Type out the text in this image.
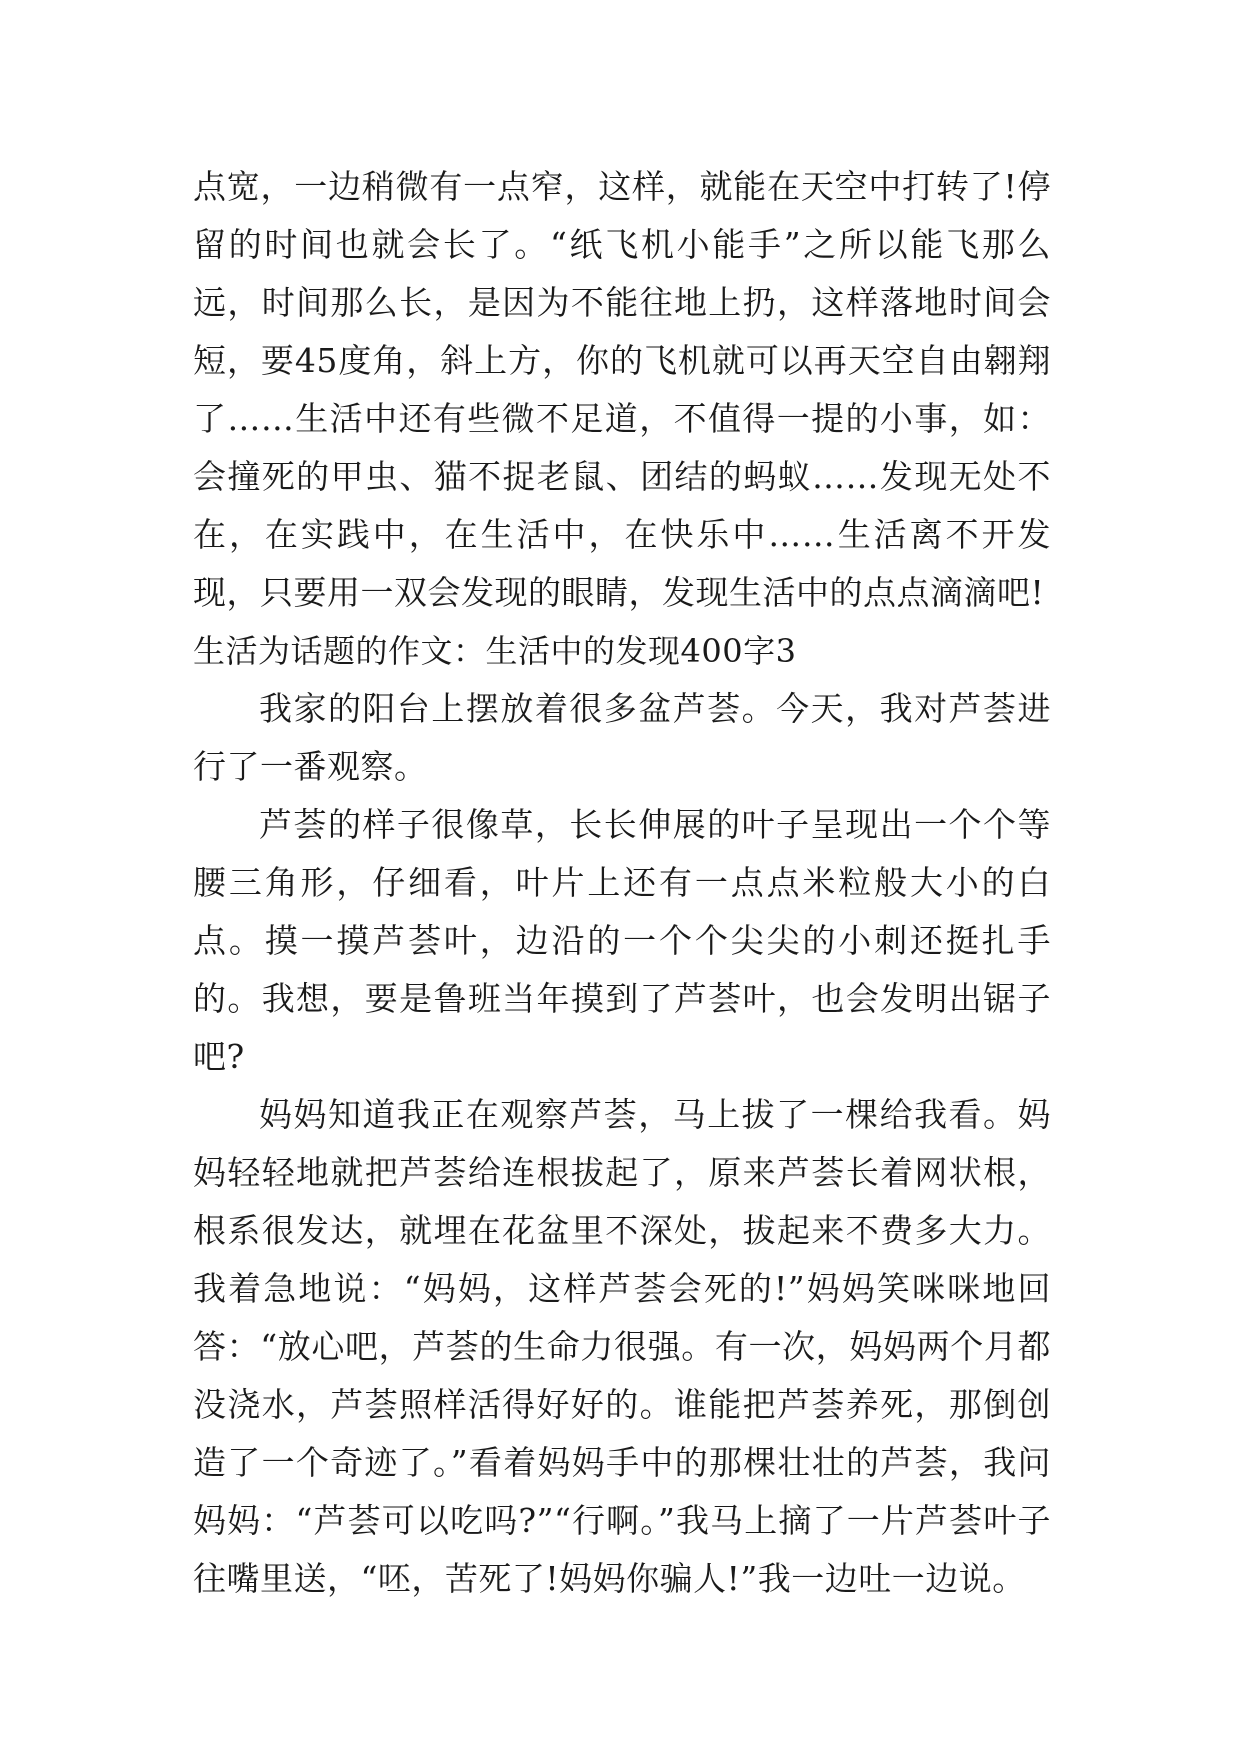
点宽，一边稍微有一点窄，这样，就能在天空中打转了!停留的时间也就会长了。“纸飞机小能手”之所以能飞那么远，时间那么长，是因为不能往地上扔，这样落地时间会短，要45度角，斜上方，你的飞机就可以再天空自由翱翔了……生活中还有些微不足道，不值得一提的小事，如：会撞死的甲虫、猫不捉老鼠、团结的蚂蚁……发现无处不在，在实践中，在生活中，在快乐中……生活离不开发现，只要用一双会发现的眼睛，发现生活中的点点滴滴吧!

生活为话题的作文：生活中的发现400字3

我家的阳台上摆放着很多盆芦荟。今天，我对芦荟进行了一番观察。

芦荟的样子很像草，长长伸展的叶子呈现出一个个等腰三角形，仔细看，叶片上还有一点点米粒般大小的白点。摸一摸芦荟叶，边沿的一个个尖尖的小刺还挺扎手的。我想，要是鲁班当年摸到了芦荟叶，也会发明出锯子吧?

妈妈知道我正在观察芦荟，马上拔了一棵给我看。妈妈轻轻地就把芦荟给连根拔起了，原来芦荟长着网状根，根系很发达，就埋在花盆里不深处，拔起来不费多大力。我着急地说：“妈妈，这样芦荟会死的!”妈妈笑咪咪地回答：“放心吧，芦荟的生命力很强。有一次，妈妈两个月都没浇水，芦荟照样活得好好的。谁能把芦荟养死，那倒创造了一个奇迹了。”看着妈妈手中的那棵壮壮的芦荟，我问妈妈：“芦荟可以吃吗?”“行啊。”我马上摘了一片芦荟叶子往嘴里送，“呸，苦死了!妈妈你骗人!”我一边吐一边说。
